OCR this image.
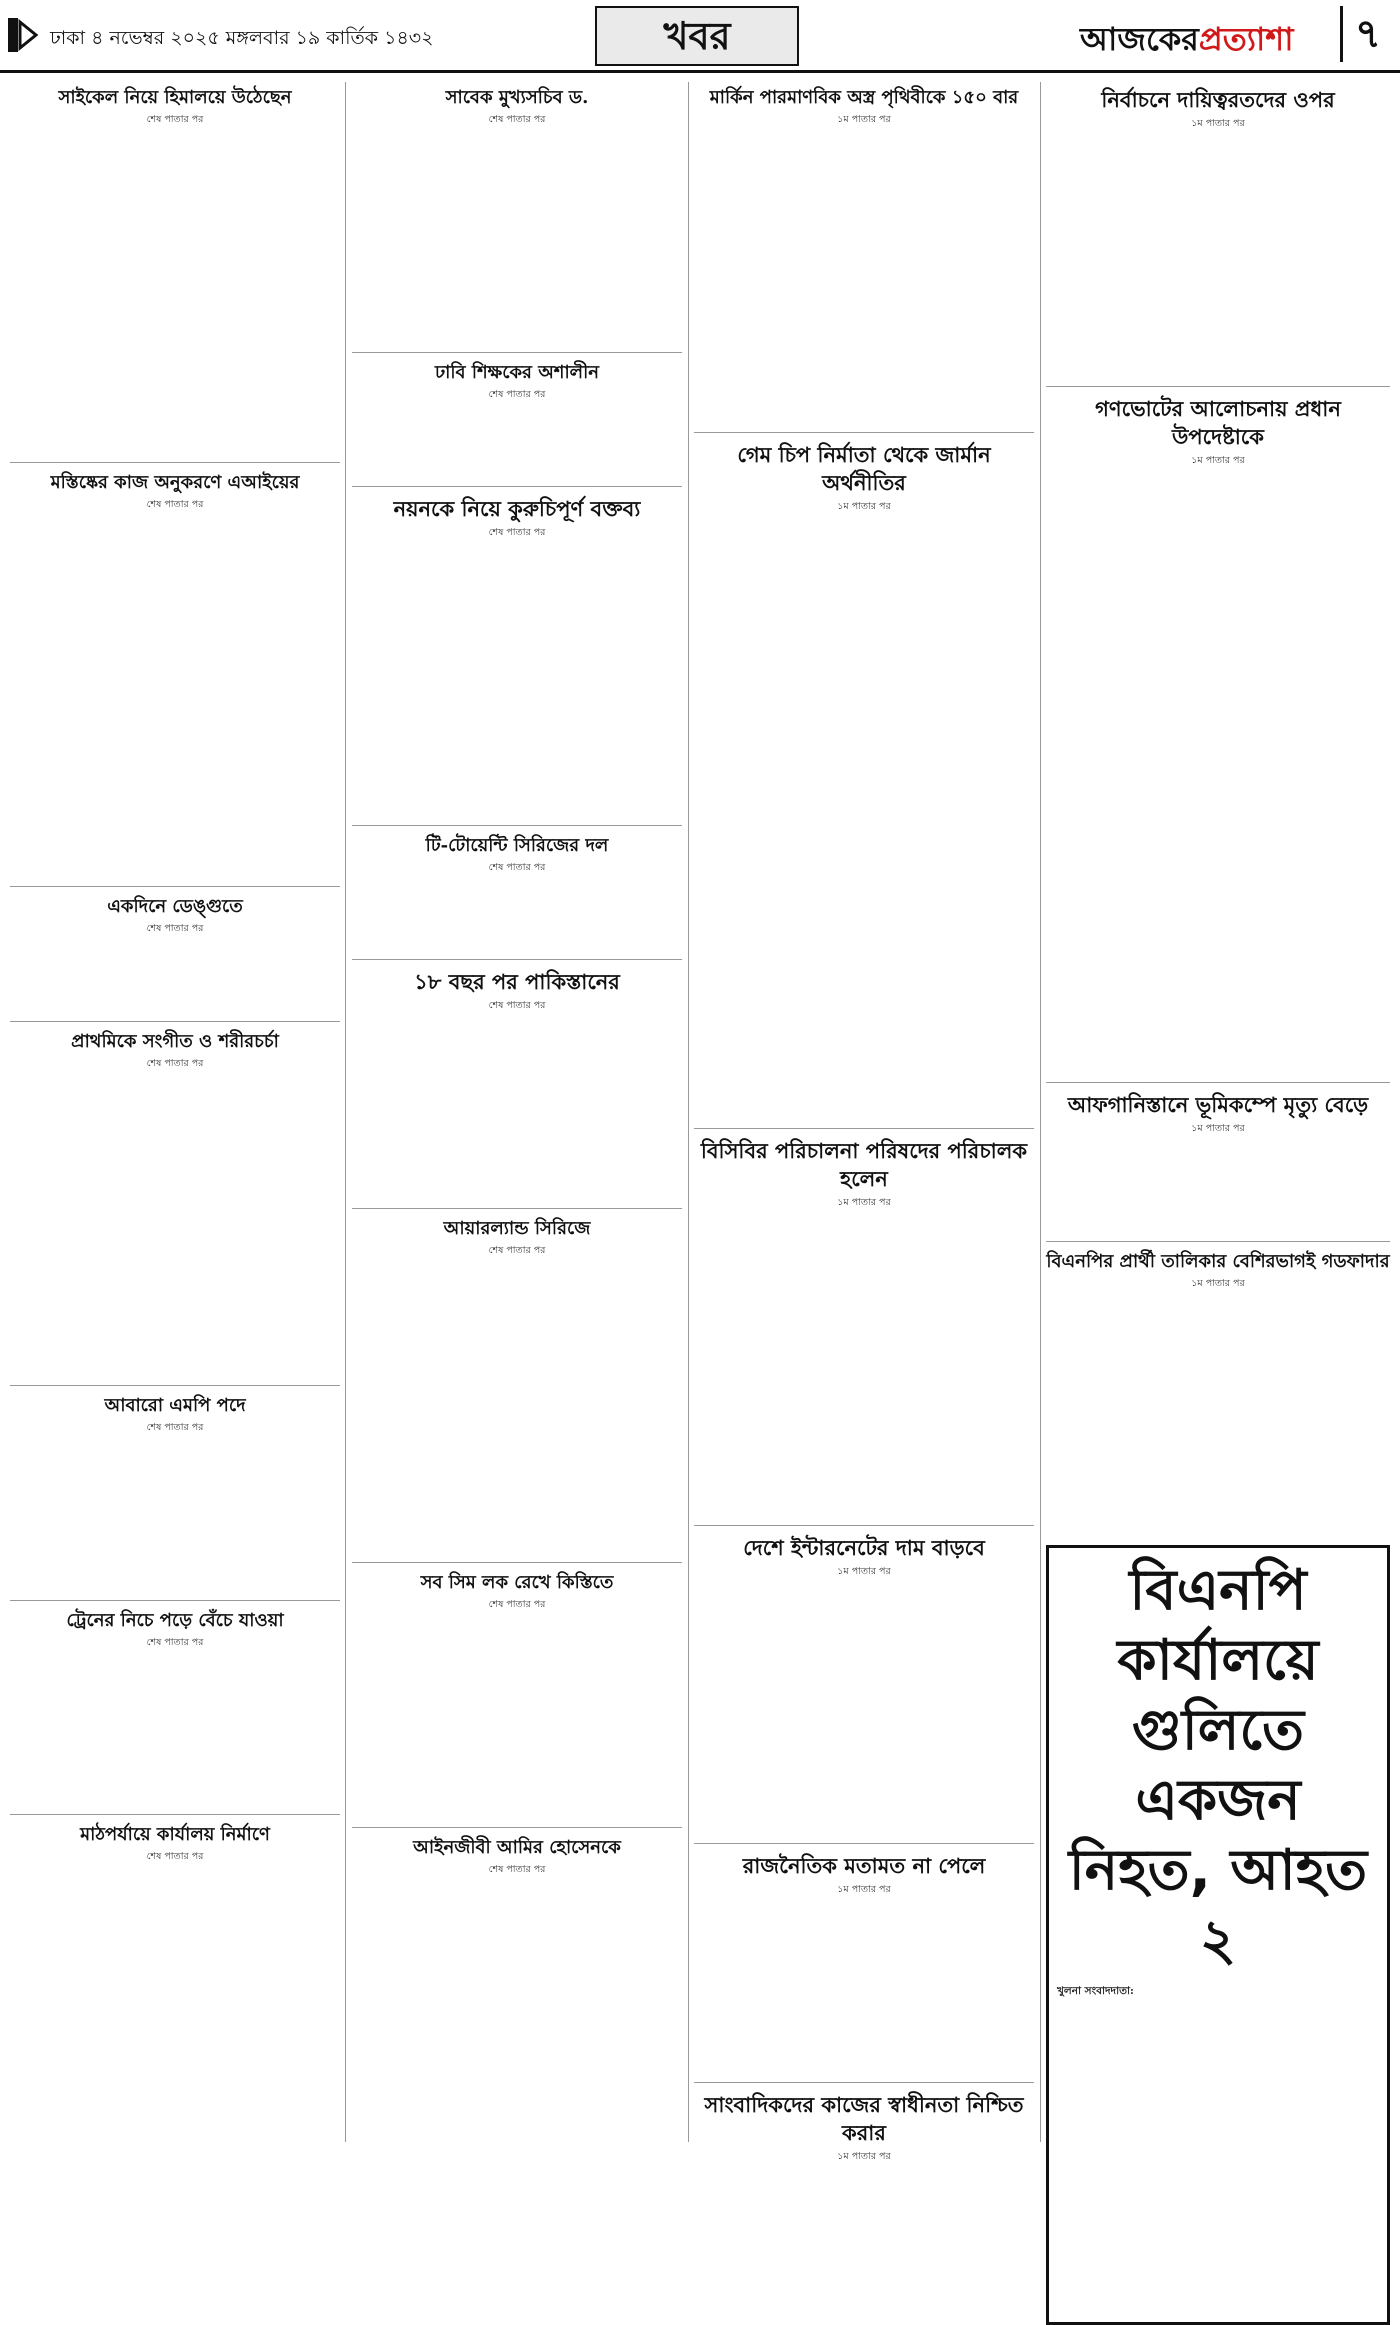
ঢাকা ৪ নভেম্বর ২০২৫ মঙ্গলবার ১৯ কার্তিক ১৪৩২	খবর	আজকেরপ্রত্যাশা	৭
সাইকেল নিয়ে হিমালয়ে উঠেছেন
শেষ পাতার পর
মস্তিষ্কের কাজ অনুকরণে এআইয়ের
শেষ পাতার পর
একদিনে ডেঙ্গুতে
শেষ পাতার পর
প্রাথমিকে সংগীত ও শরীরচর্চা
শেষ পাতার পর
আবারো এমপি পদে
শেষ পাতার পর
ট্রেনের নিচে পড়ে বেঁচে যাওয়া
শেষ পাতার পর
মাঠপর্যায়ে কার্যালয় নির্মাণে
শেষ পাতার পর
সাবেক মুখ্যসচিব ড.
শেষ পাতার পর
ঢাবি শিক্ষকের অশালীন
শেষ পাতার পর
নয়নকে নিয়ে কুরুচিপূর্ণ বক্তব্য
শেষ পাতার পর
টি-টোয়েন্টি সিরিজের দল
শেষ পাতার পর
১৮ বছর পর পাকিস্তানের
শেষ পাতার পর
আয়ারল্যান্ড সিরিজে
শেষ পাতার পর
সব সিম লক রেখে কিস্তিতে
শেষ পাতার পর
আইনজীবী আমির হোসেনকে
শেষ পাতার পর
মার্কিন পারমাণবিক অস্ত্র পৃথিবীকে ১৫০ বার
১ম পাতার পর
গেম চিপ নির্মাতা থেকে জার্মান অর্থনীতির
১ম পাতার পর
বিসিবির পরিচালনা পরিষদের পরিচালক হলেন
১ম পাতার পর
দেশে ইন্টারনেটের দাম বাড়বে
১ম পাতার পর
রাজনৈতিক মতামত না পেলে
১ম পাতার পর
সাংবাদিকদের কাজের স্বাধীনতা নিশ্চিত করার
১ম পাতার পর
নির্বাচনে দায়িত্বরতদের ওপর
১ম পাতার পর
গণভোটের আলোচনায় প্রধান উপদেষ্টাকে
১ম পাতার পর
আফগানিস্তানে ভূমিকম্পে মৃত্যু বেড়ে
১ম পাতার পর
বিএনপির প্রার্থী তালিকার বেশিরভাগই গডফাদার
১ম পাতার পর
বিএনপি কার্যালয়ে গুলিতে একজন নিহত, আহত ২
খুলনা সংবাদদাতা:
